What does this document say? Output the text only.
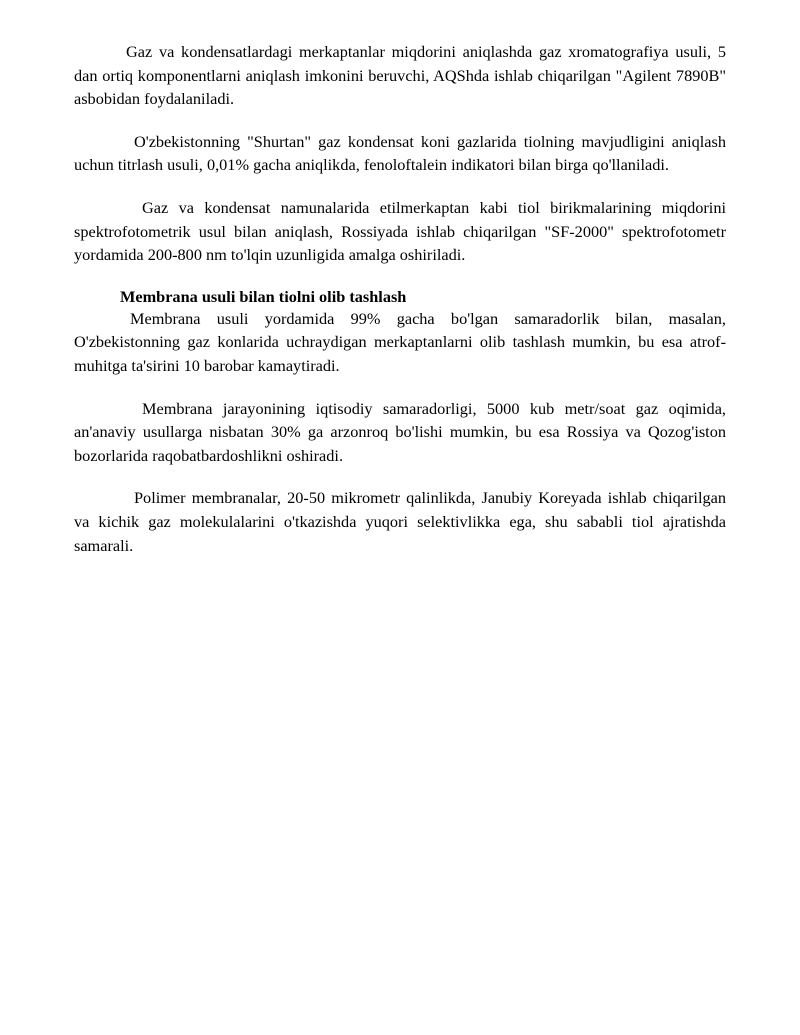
Gaz va kondensatlardagi merkaptanlar miqdorini aniqlashda gaz xromatografiya usuli, 5 dan ortiq komponentlarni aniqlash imkonini beruvchi, AQShda ishlab chiqarilgan "Agilent 7890B" asbobidan foydalaniladi.

O'zbekistonning "Shurtan" gaz kondensat koni gazlarida tiolning mavjudligini aniqlash uchun titrlash usuli, 0,01% gacha aniqlikda, fenoloftalein indikatori bilan birga qo'llaniladi.

Gaz va kondensat namunalarida etilmerkaptan kabi tiol birikmalarining miqdorini spektrofotometrik usul bilan aniqlash, Rossiyada ishlab chiqarilgan "SF-2000" spektrofotometr yordamida 200-800 nm to'lqin uzunligida amalga oshiriladi.

Membrana usuli bilan tiolni olib tashlash

Membrana usuli yordamida 99% gacha bo'lgan samaradorlik bilan, masalan, O'zbekistonning gaz konlarida uchraydigan merkaptanlarni olib tashlash mumkin, bu esa atrof-muhitga ta'sirini 10 barobar kamaytiradi.

Membrana jarayonining iqtisodiy samaradorligi, 5000 kub metr/soat gaz oqimida, an'anaviy usullarga nisbatan 30% ga arzonroq bo'lishi mumkin, bu esa Rossiya va Qozog'iston bozorlarida raqobatbardoshlikni oshiradi.

Polimer membranalar, 20-50 mikrometr qalinlikda, Janubiy Koreyada ishlab chiqarilgan va kichik gaz molekulalarini o'tkazishda yuqori selektivlikka ega, shu sababli tiol ajratishda samarali.
